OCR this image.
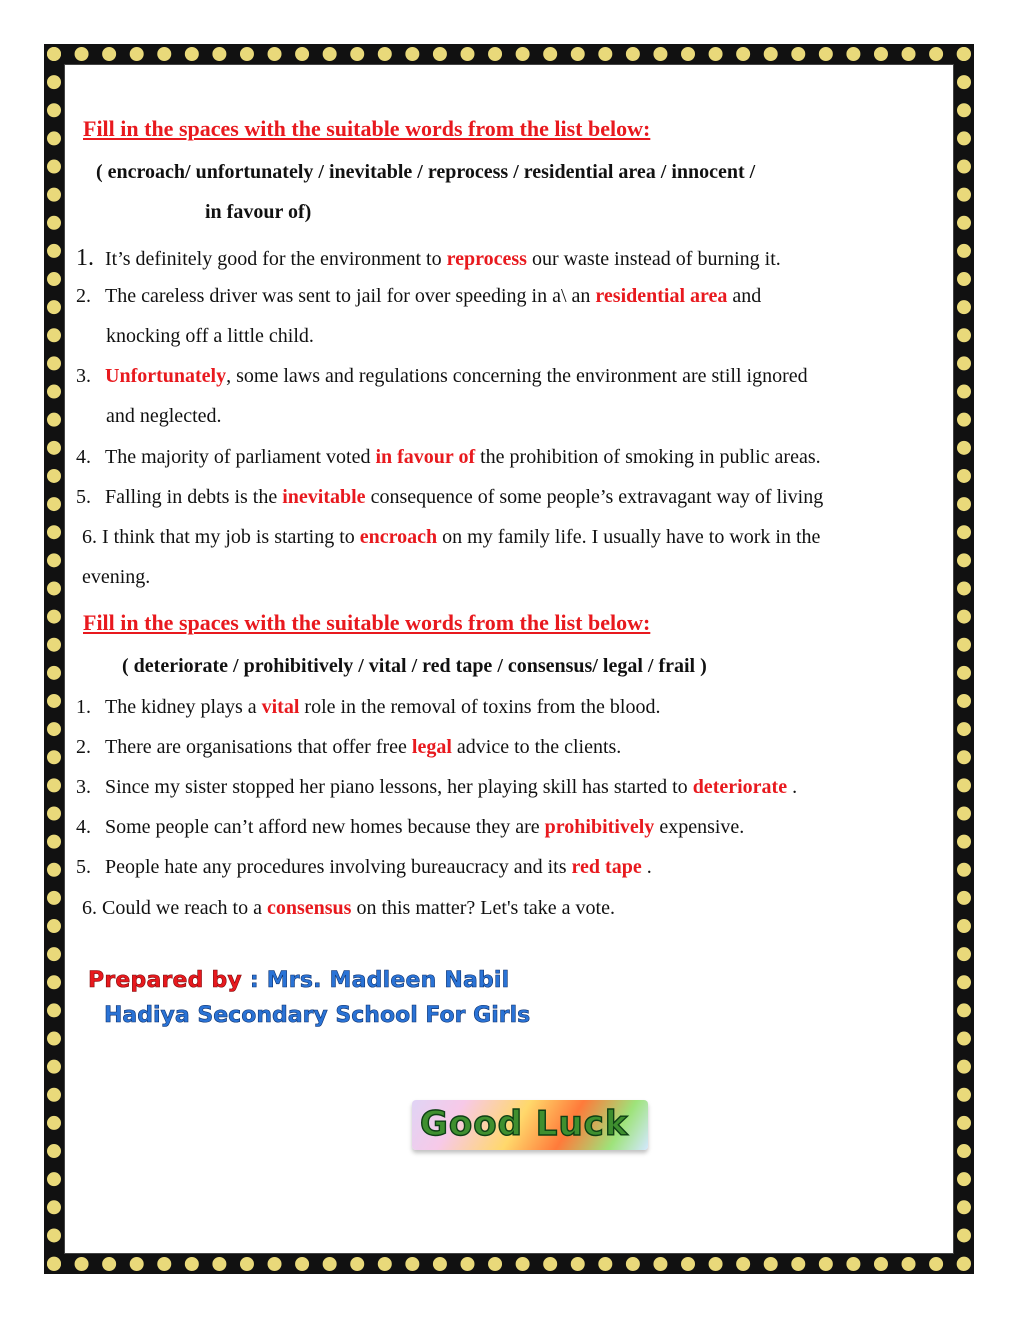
Fill in the spaces with the suitable words from the list below:
( encroach/ unfortunately / inevitable / reprocess / residential area / innocent /
in favour of)
1. It’s definitely good for the environment to reprocess our waste instead of burning it.
2. The careless driver was sent to jail for over speeding in a\ an residential area and
knocking off a little child.
3. Unfortunately, some laws and regulations concerning the environment are still ignored
and neglected.
4. The majority of parliament voted in favour of the prohibition of smoking in public areas.
5. Falling in debts is the inevitable consequence of some people’s extravagant way of living
6. I think that my job is starting to encroach on my family life. I usually have to work in the
evening.
Fill in the spaces with the suitable words from the list below:
( deteriorate / prohibitively / vital / red tape / consensus/ legal / frail )
1. The kidney plays a vital role in the removal of toxins from the blood.
2. There are organisations that offer free legal advice to the clients.
3. Since my sister stopped her piano lessons, her playing skill has started to deteriorate .
4. Some people can’t afford new homes because they are prohibitively expensive.
5. People hate any procedures involving bureaucracy and its red tape .
6. Could we reach to a consensus on this matter? Let's take a vote.
Prepared by : Mrs. Madleen Nabil
Hadiya Secondary School For Girls
Good Luck
